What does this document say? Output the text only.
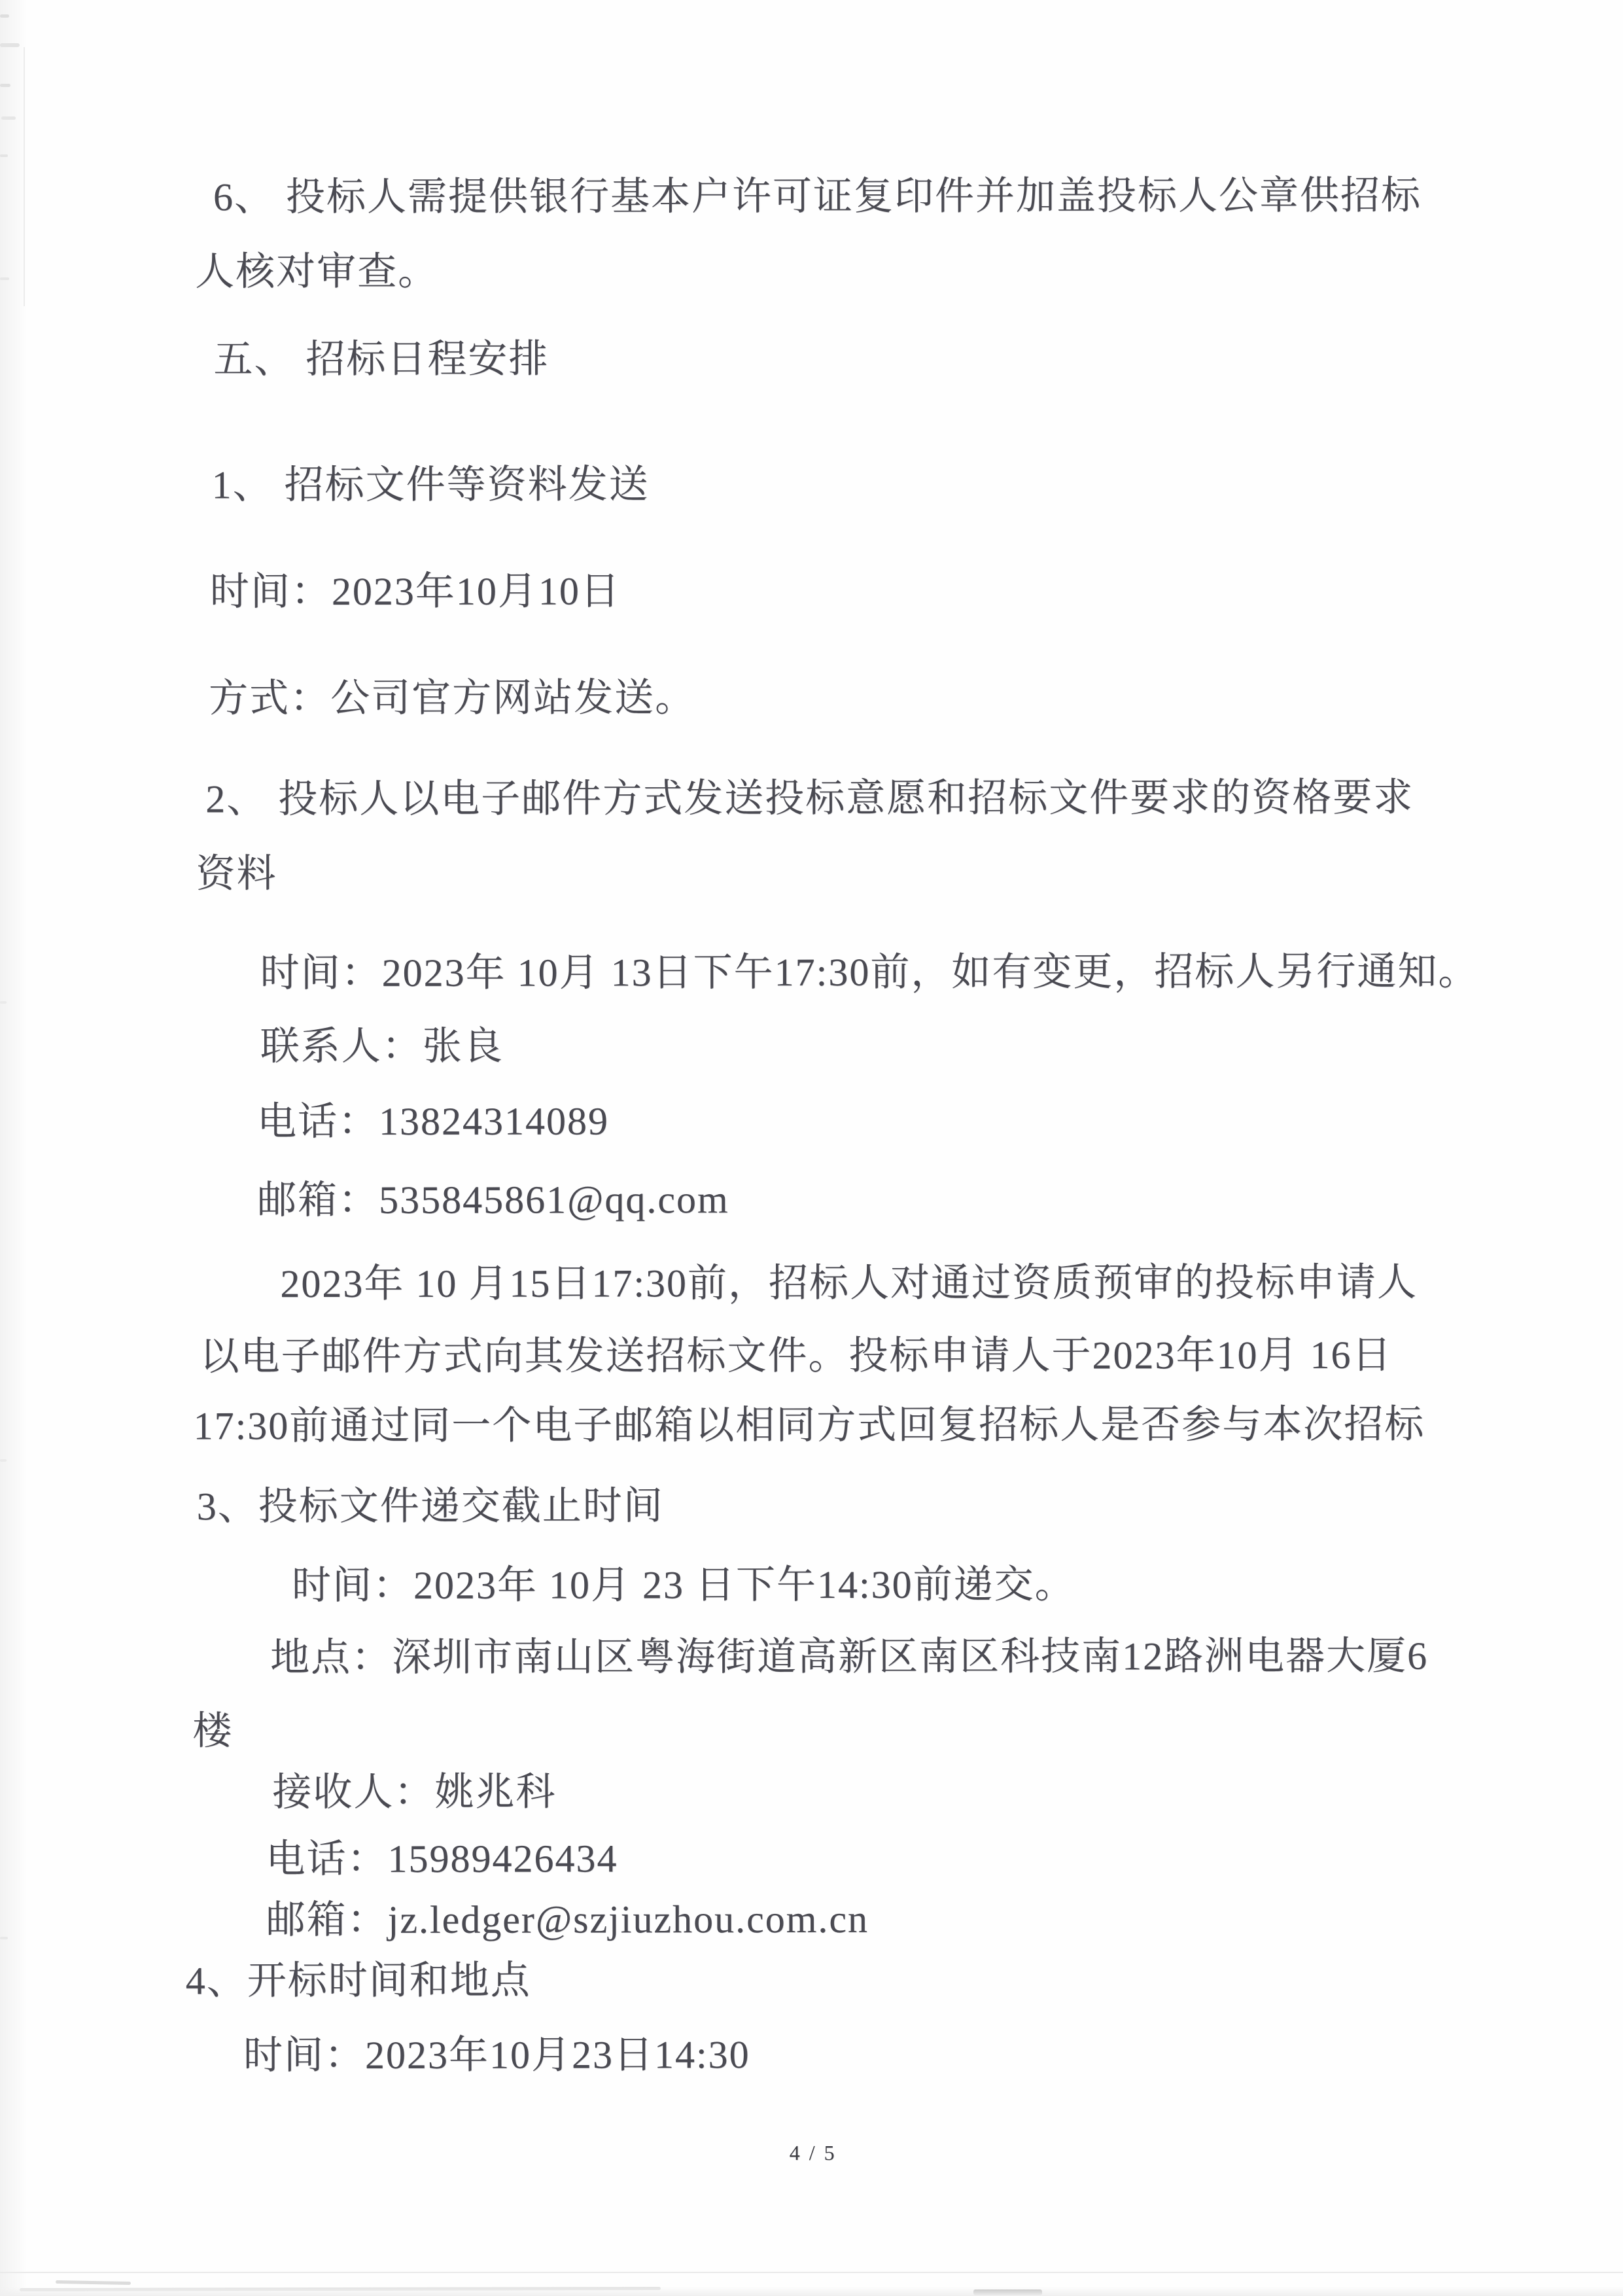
6、 投标人需提供银行基本户许可证复印件并加盖投标人公章供招标
人核对审查。
五、 招标日程安排
1、 招标文件等资料发送
时间：2023年10月10日
方式：公司官方网站发送。
2、 投标人以电子邮件方式发送投标意愿和招标文件要求的资格要求
资料
时间：2023年 10月 13日下午17:30前，如有变更，招标人另行通知。
联系人：张良
电话：13824314089
邮箱：535845861@qq.com
2023年 10 月15日17:30前，招标人对通过资质预审的投标申请人
以电子邮件方式向其发送招标文件。投标申请人于2023年10月 16日
17:30前通过同一个电子邮箱以相同方式回复招标人是否参与本次招标
3、投标文件递交截止时间
时间：2023年 10月 23 日下午14:30前递交。
地点：深圳市南山区粤海街道高新区南区科技南12路洲电器大厦6
楼
接收人：姚兆科
电话：15989426434
邮箱：jz.ledger@szjiuzhou.com.cn
4、开标时间和地点
时间：2023年10月23日14:30
4 / 5
